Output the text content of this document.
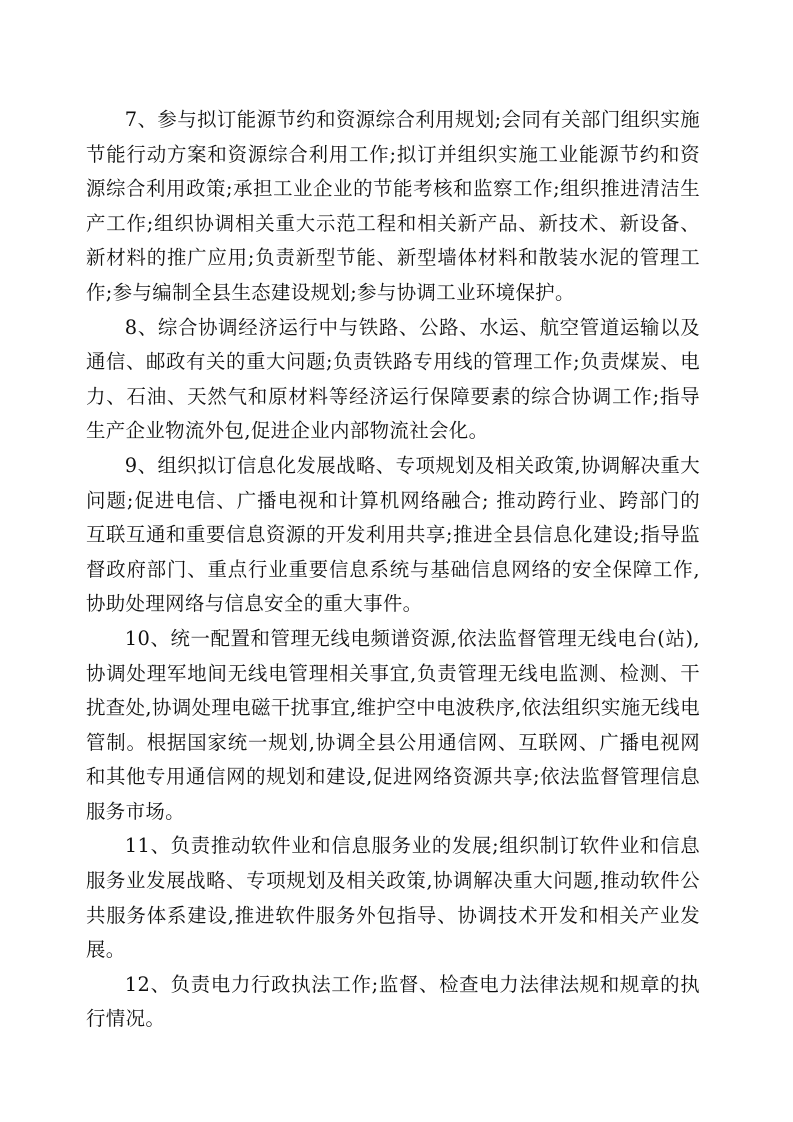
7、参与拟订能源节约和资源综合利用规划;会同有关部门组织实施节能行动方案和资源综合利用工作;拟订并组织实施工业能源节约和资源综合利用政策;承担工业企业的节能考核和监察工作;组织推进清洁生产工作;组织协调相关重大示范工程和相关新产品、新技术、新设备、新材料的推广应用;负责新型节能、新型墙体材料和散装水泥的管理工作;参与编制全县生态建设规划;参与协调工业环境保护。

8、综合协调经济运行中与铁路、公路、水运、航空管道运输以及通信、邮政有关的重大问题;负责铁路专用线的管理工作;负责煤炭、电力、石油、天然气和原材料等经济运行保障要素的综合协调工作;指导生产企业物流外包,促进企业内部物流社会化。

9、组织拟订信息化发展战略、专项规划及相关政策,协调解决重大问题;促进电信、广播电视和计算机网络融合; 推动跨行业、跨部门的互联互通和重要信息资源的开发利用共享;推进全县信息化建设;指导监督政府部门、重点行业重要信息系统与基础信息网络的安全保障工作,协助处理网络与信息安全的重大事件。

10、统一配置和管理无线电频谱资源,依法监督管理无线电台(站),协调处理军地间无线电管理相关事宜,负责管理无线电监测、检测、干扰查处,协调处理电磁干扰事宜,维护空中电波秩序,依法组织实施无线电管制。根据国家统一规划,协调全县公用通信网、互联网、广播电视网和其他专用通信网的规划和建设,促进网络资源共享;依法监督管理信息服务市场。

11、负责推动软件业和信息服务业的发展;组织制订软件业和信息服务业发展战略、专项规划及相关政策,协调解决重大问题,推动软件公共服务体系建设,推进软件服务外包指导、协调技术开发和相关产业发展。

12、负责电力行政执法工作;监督、检查电力法律法规和规章的执行情况。
